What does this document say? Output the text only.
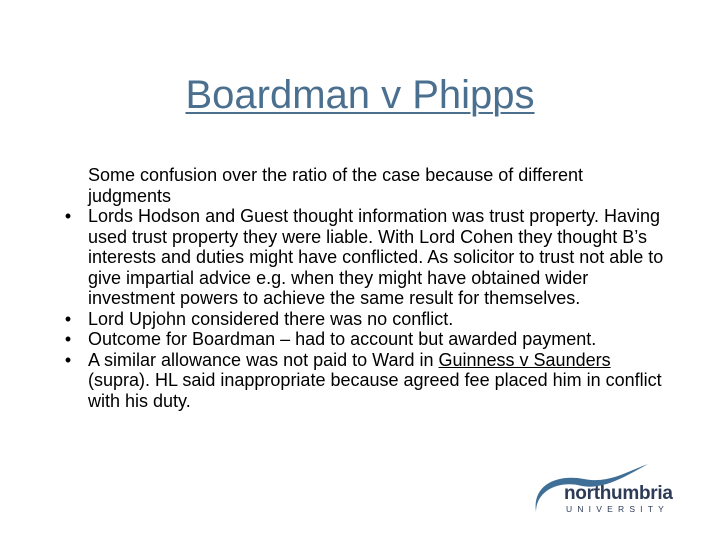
Boardman v Phipps
Some confusion over the ratio of the case because of different judgments
• Lords Hodson and Guest thought information was trust property. Having used trust property they were liable. With Lord Cohen they thought B’s interests and duties might have conflicted. As solicitor to trust not able to give impartial advice e.g. when they might have obtained wider investment powers to achieve the same result for themselves.
• Lord Upjohn considered there was no conflict.
• Outcome for Boardman – had to account but awarded payment.
• A similar allowance was not paid to Ward in Guinness v Saunders (supra). HL said inappropriate because agreed fee placed him in conflict with his duty.
northumbria
UNIVERSITY
